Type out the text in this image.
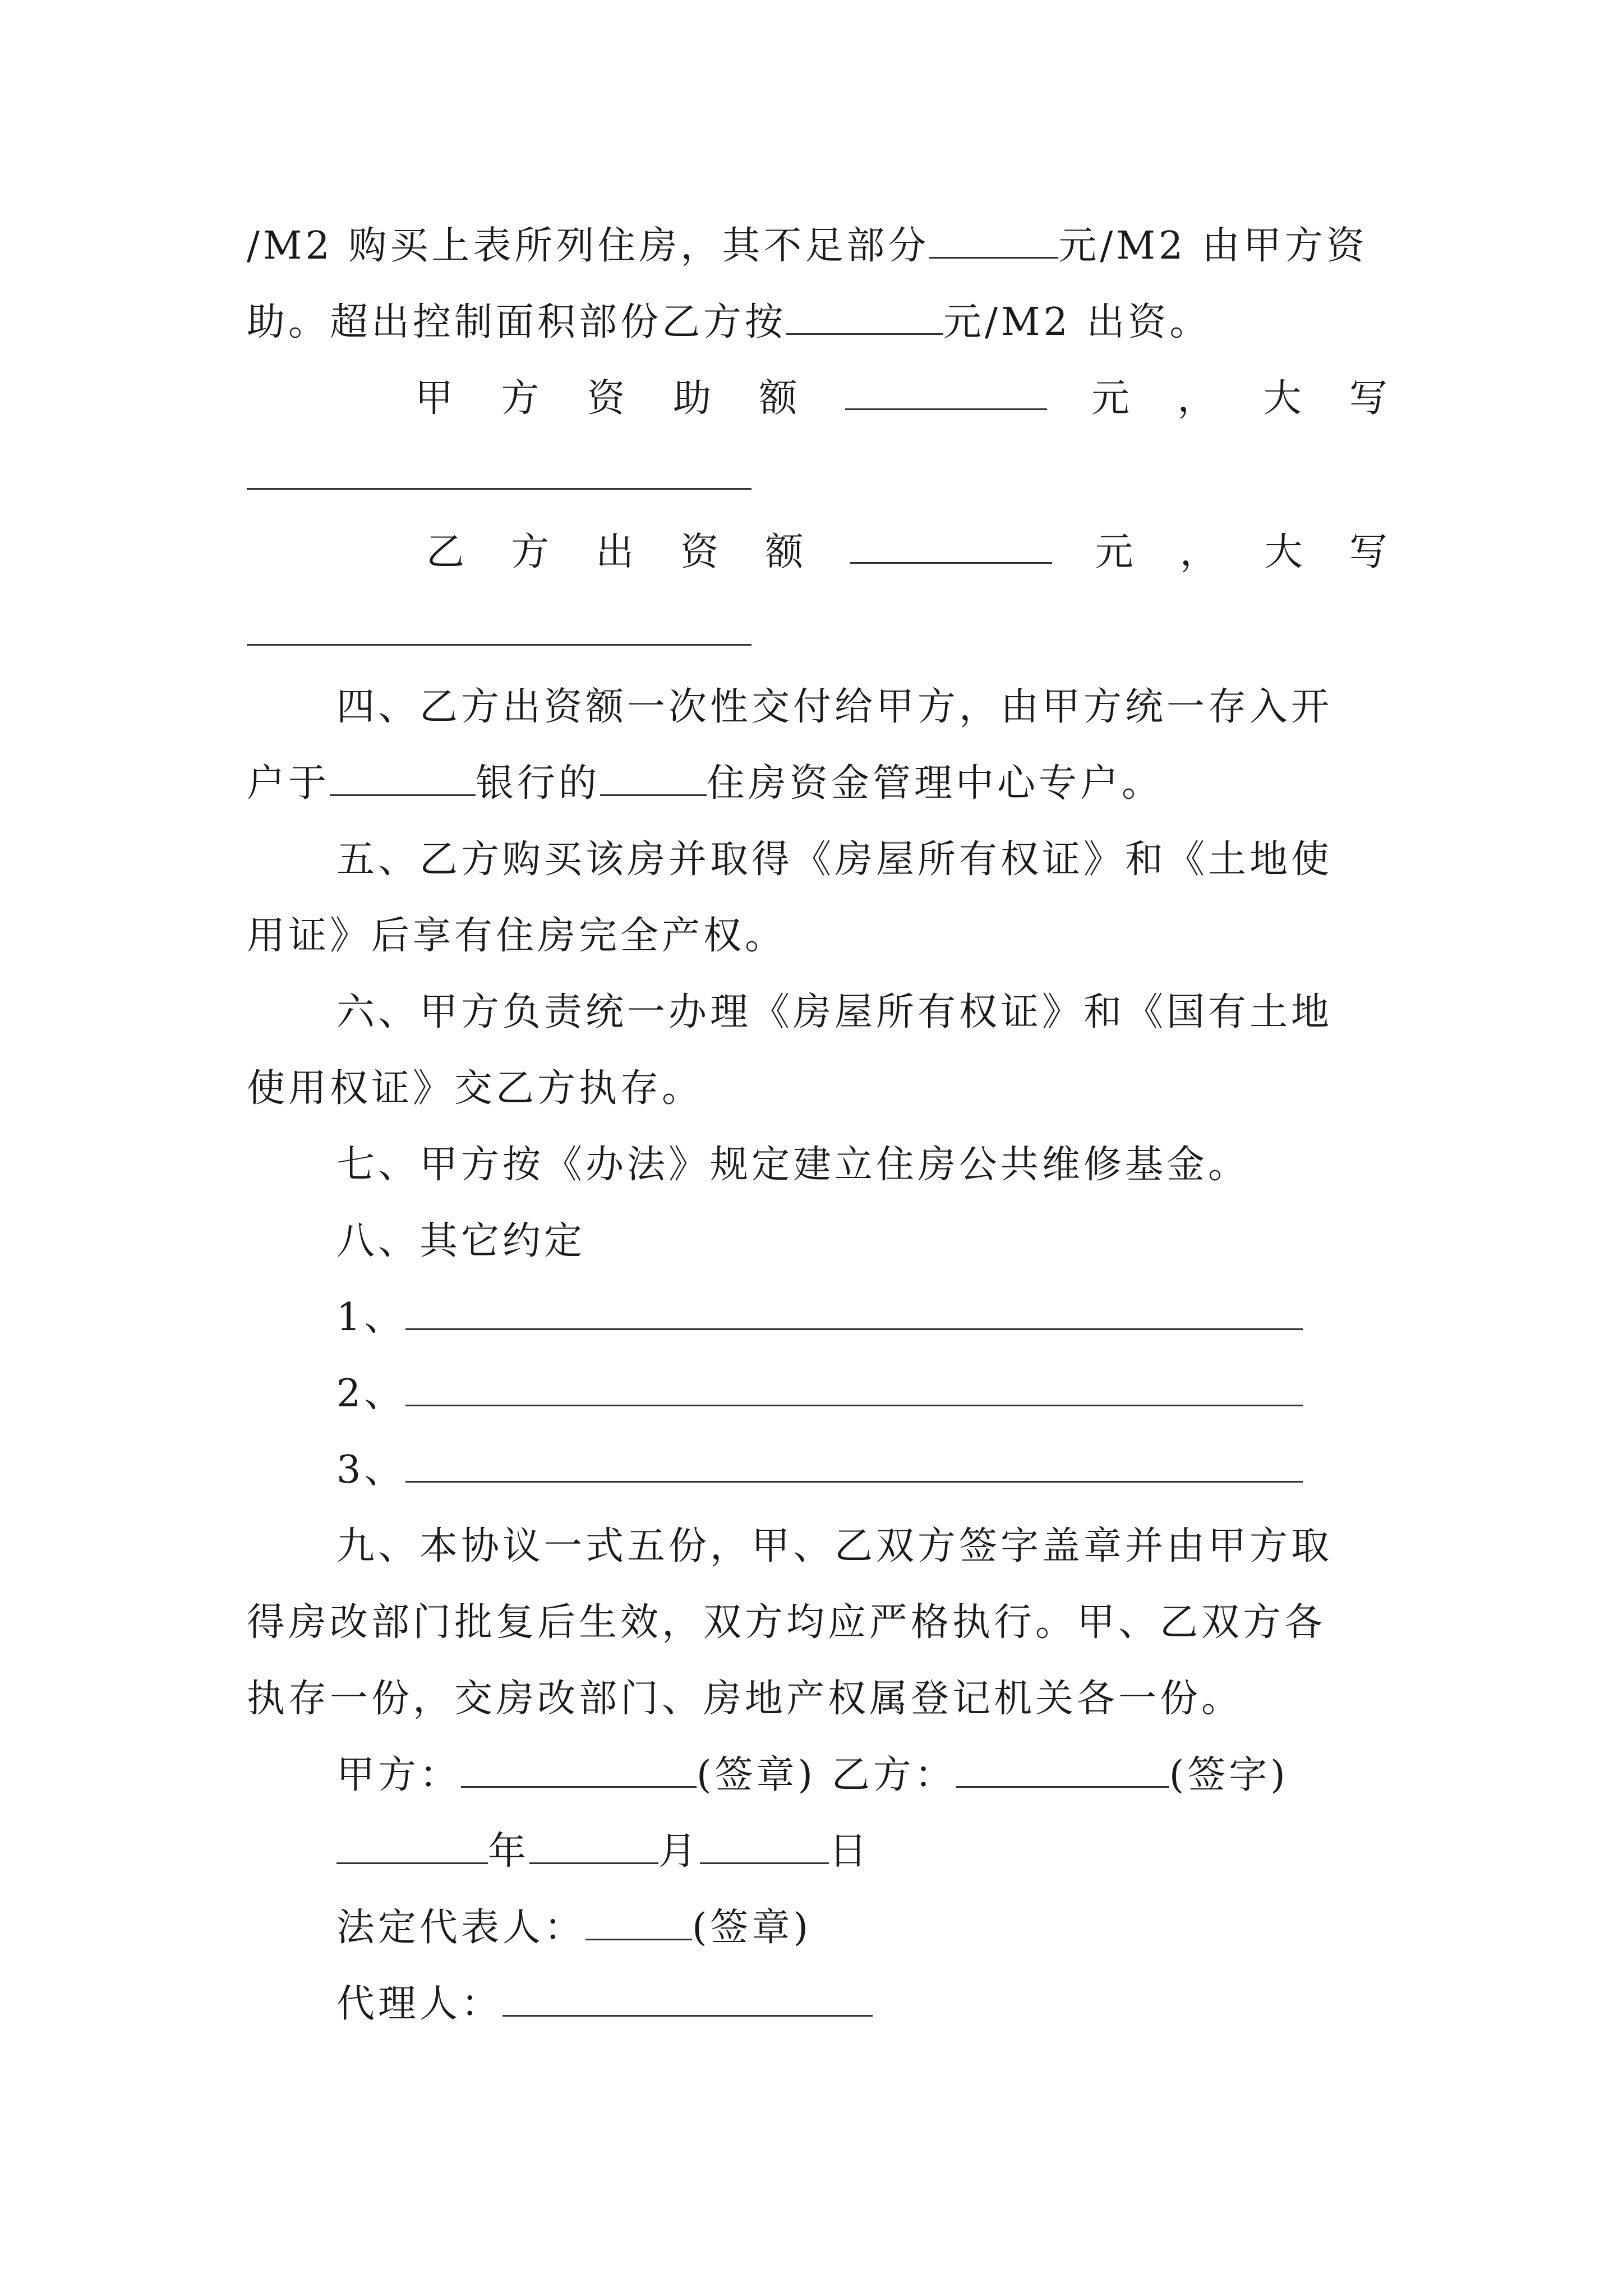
/M2 购买上表所列住房，其不足部分	元/M2 由甲方资
助。超出控制面积部份乙方按	元/M2 出资。
甲 方 资 助 额	元 ， 大 写
乙 方 出 资 额	元 ， 大 写
四、乙方出资额一次性交付给甲方，由甲方统一存入开
户于	银行的	住房资金管理中心专户。
五、乙方购买该房并取得《房屋所有权证》和《土地使
用证》后享有住房完全产权。
六、甲方负责统一办理《房屋所有权证》和《国有土地
使用权证》交乙方执存。
七、甲方按《办法》规定建立住房公共维修基金。
八、其它约定
1、
2、
3、
九、本协议一式五份，甲、乙双方签字盖章并由甲方取
得房改部门批复后生效，双方均应严格执行。甲、乙双方各
执存一份，交房改部门、房地产权属登记机关各一份。
甲方：	(签章) 乙方：	(签字)
年	月	日
法定代表人：	(签章)
代理人：
